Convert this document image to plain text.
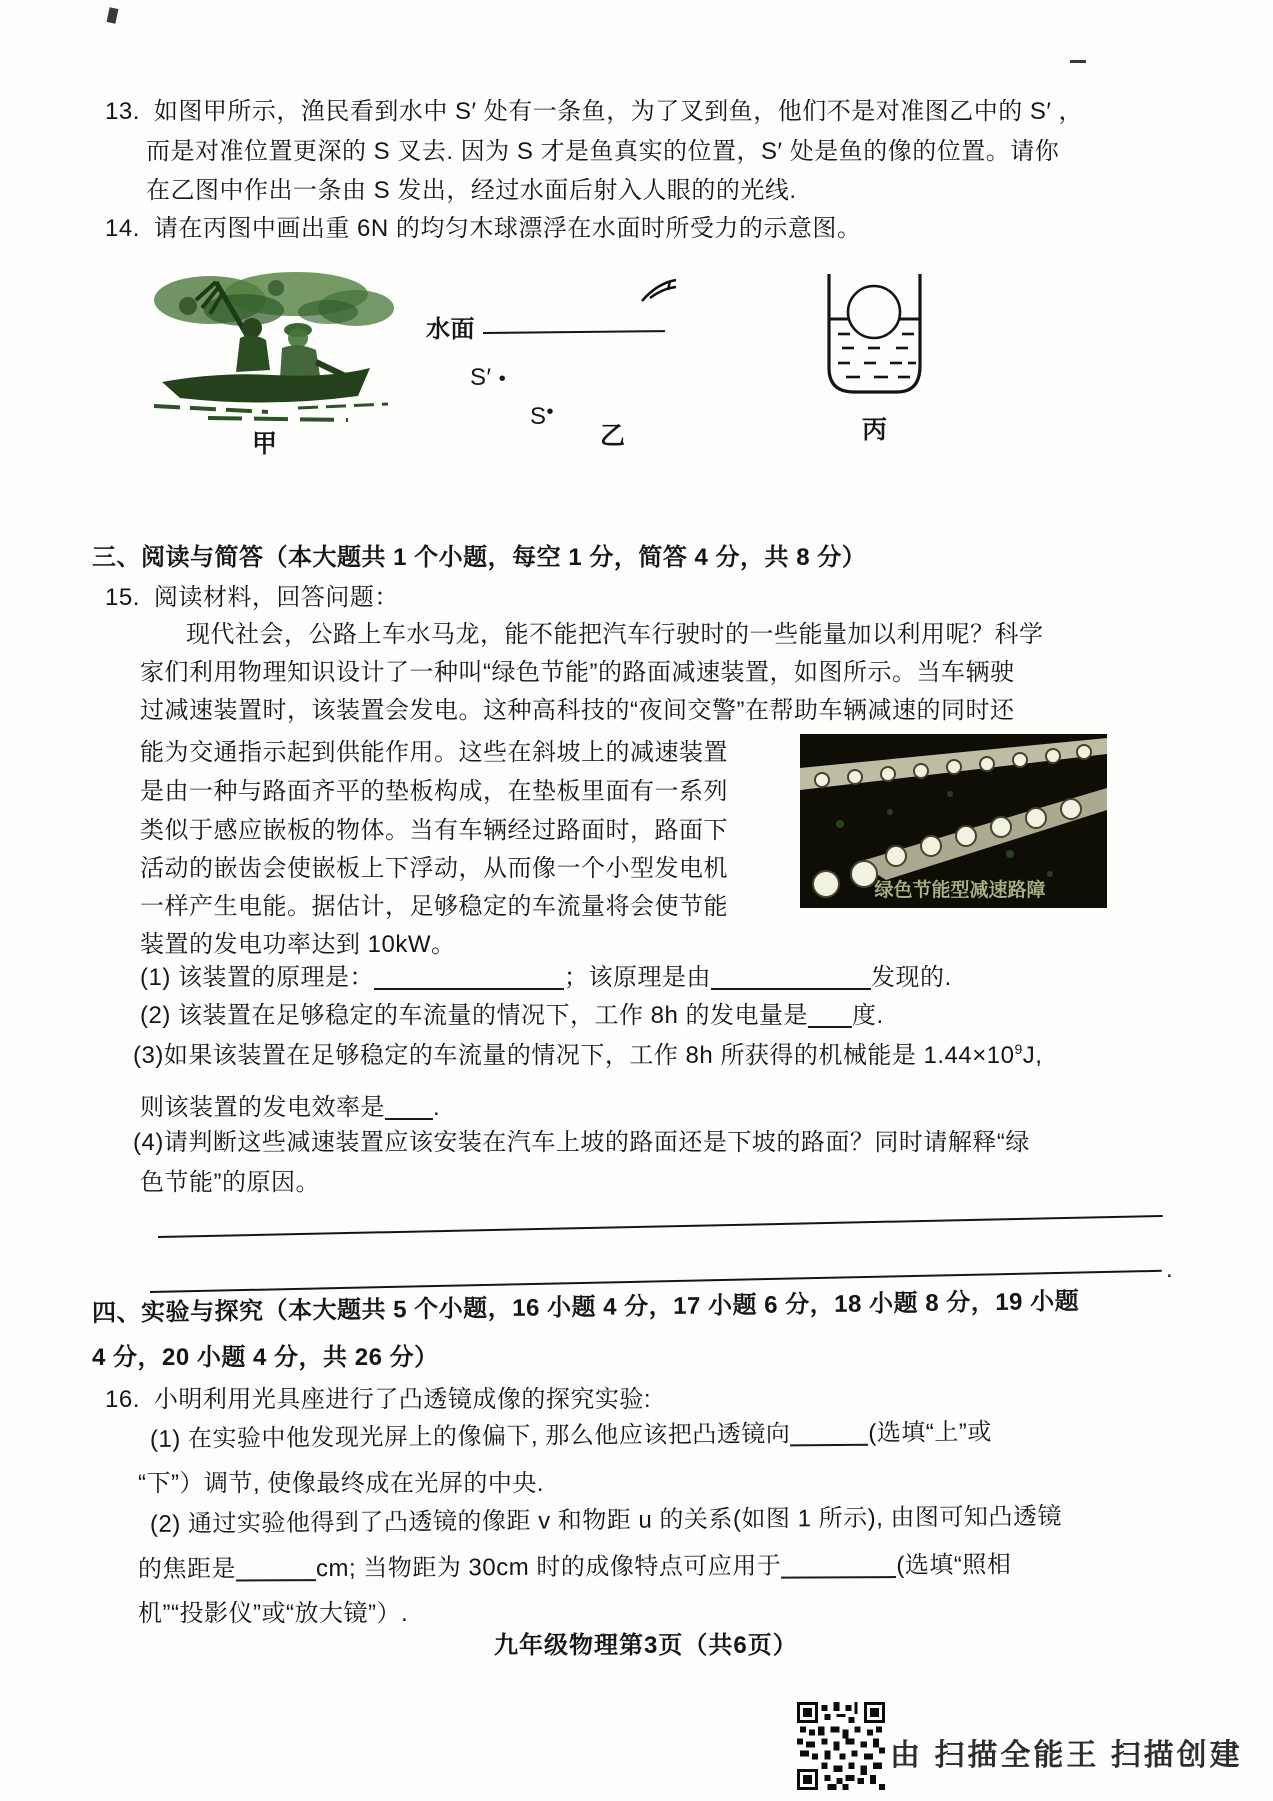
13. 如图甲所示，渔民看到水中 S′ 处有一条鱼，为了叉到鱼，他们不是对准图乙中的 S′ ，
而是对准位置更深的 S 叉去. 因为 S 才是鱼真实的位置，S′ 处是鱼的像的位置。请你
在乙图中作出一条由 S 发出，经过水面后射入人眼的的光线.
14. 请在丙图中画出重 6N 的均匀木球漂浮在水面时所受力的示意图。
甲
水面
S′ •
S•
乙	丙
三、阅读与简答（本大题共 1 个小题，每空 1 分，简答 4 分，共 8 分）
15. 阅读材料，回答问题：
现代社会，公路上车水马龙，能不能把汽车行驶时的一些能量加以利用呢？科学
家们利用物理知识设计了一种叫“绿色节能”的路面减速装置，如图所示。当车辆驶
过减速装置时，该装置会发电。这种高科技的“夜间交警”在帮助车辆减速的同时还
能为交通指示起到供能作用。这些在斜坡上的减速装置
是由一种与路面齐平的垫板构成，在垫板里面有一系列
类似于感应嵌板的物体。当有车辆经过路面时，路面下
活动的嵌齿会使嵌板上下浮动，从而像一个小型发电机
一样产生电能。据估计，足够稳定的车流量将会使节能
装置的发电功率达到 10kW。
绿色节能型减速路障
(1) 该装置的原理是：	；该原理是由	发现的.
(2) 该装置在足够稳定的车流量的情况下，工作 8h 的发电量是 度.
(3)如果该装置在足够稳定的车流量的情况下，工作 8h 所获得的机械能是 $1.44\times 10^9J$,
则该装置的发电效率是 .
(4)请判断这些减速装置应该安装在汽车上坡的路面还是下坡的路面？同时请解释“绿
色节能”的原因。
.
四、实验与探究（本大题共 5 个小题，16 小题 4 分，17 小题 6 分，18 小题 8 分，19 小题
4 分，20 小题 4 分，共 26 分）
16. 小明利用光具座进行了凸透镜成像的探究实验:
(1) 在实验中他发现光屏上的像偏下, 那么他应该把凸透镜向	(选填“上”或
“下”）调节, 使像最终成在光屏的中央.
(2) 通过实验他得到了凸透镜的像距 v 和物距 u 的关系(如图 1 所示), 由图可知凸透镜
的焦距是	cm; 当物距为 30cm 时的成像特点可应用于	(选填“照相
机”“投影仪”或“放大镜”）.
九年级物理第3页（共6页）
由 扫描全能王 扫描创建
